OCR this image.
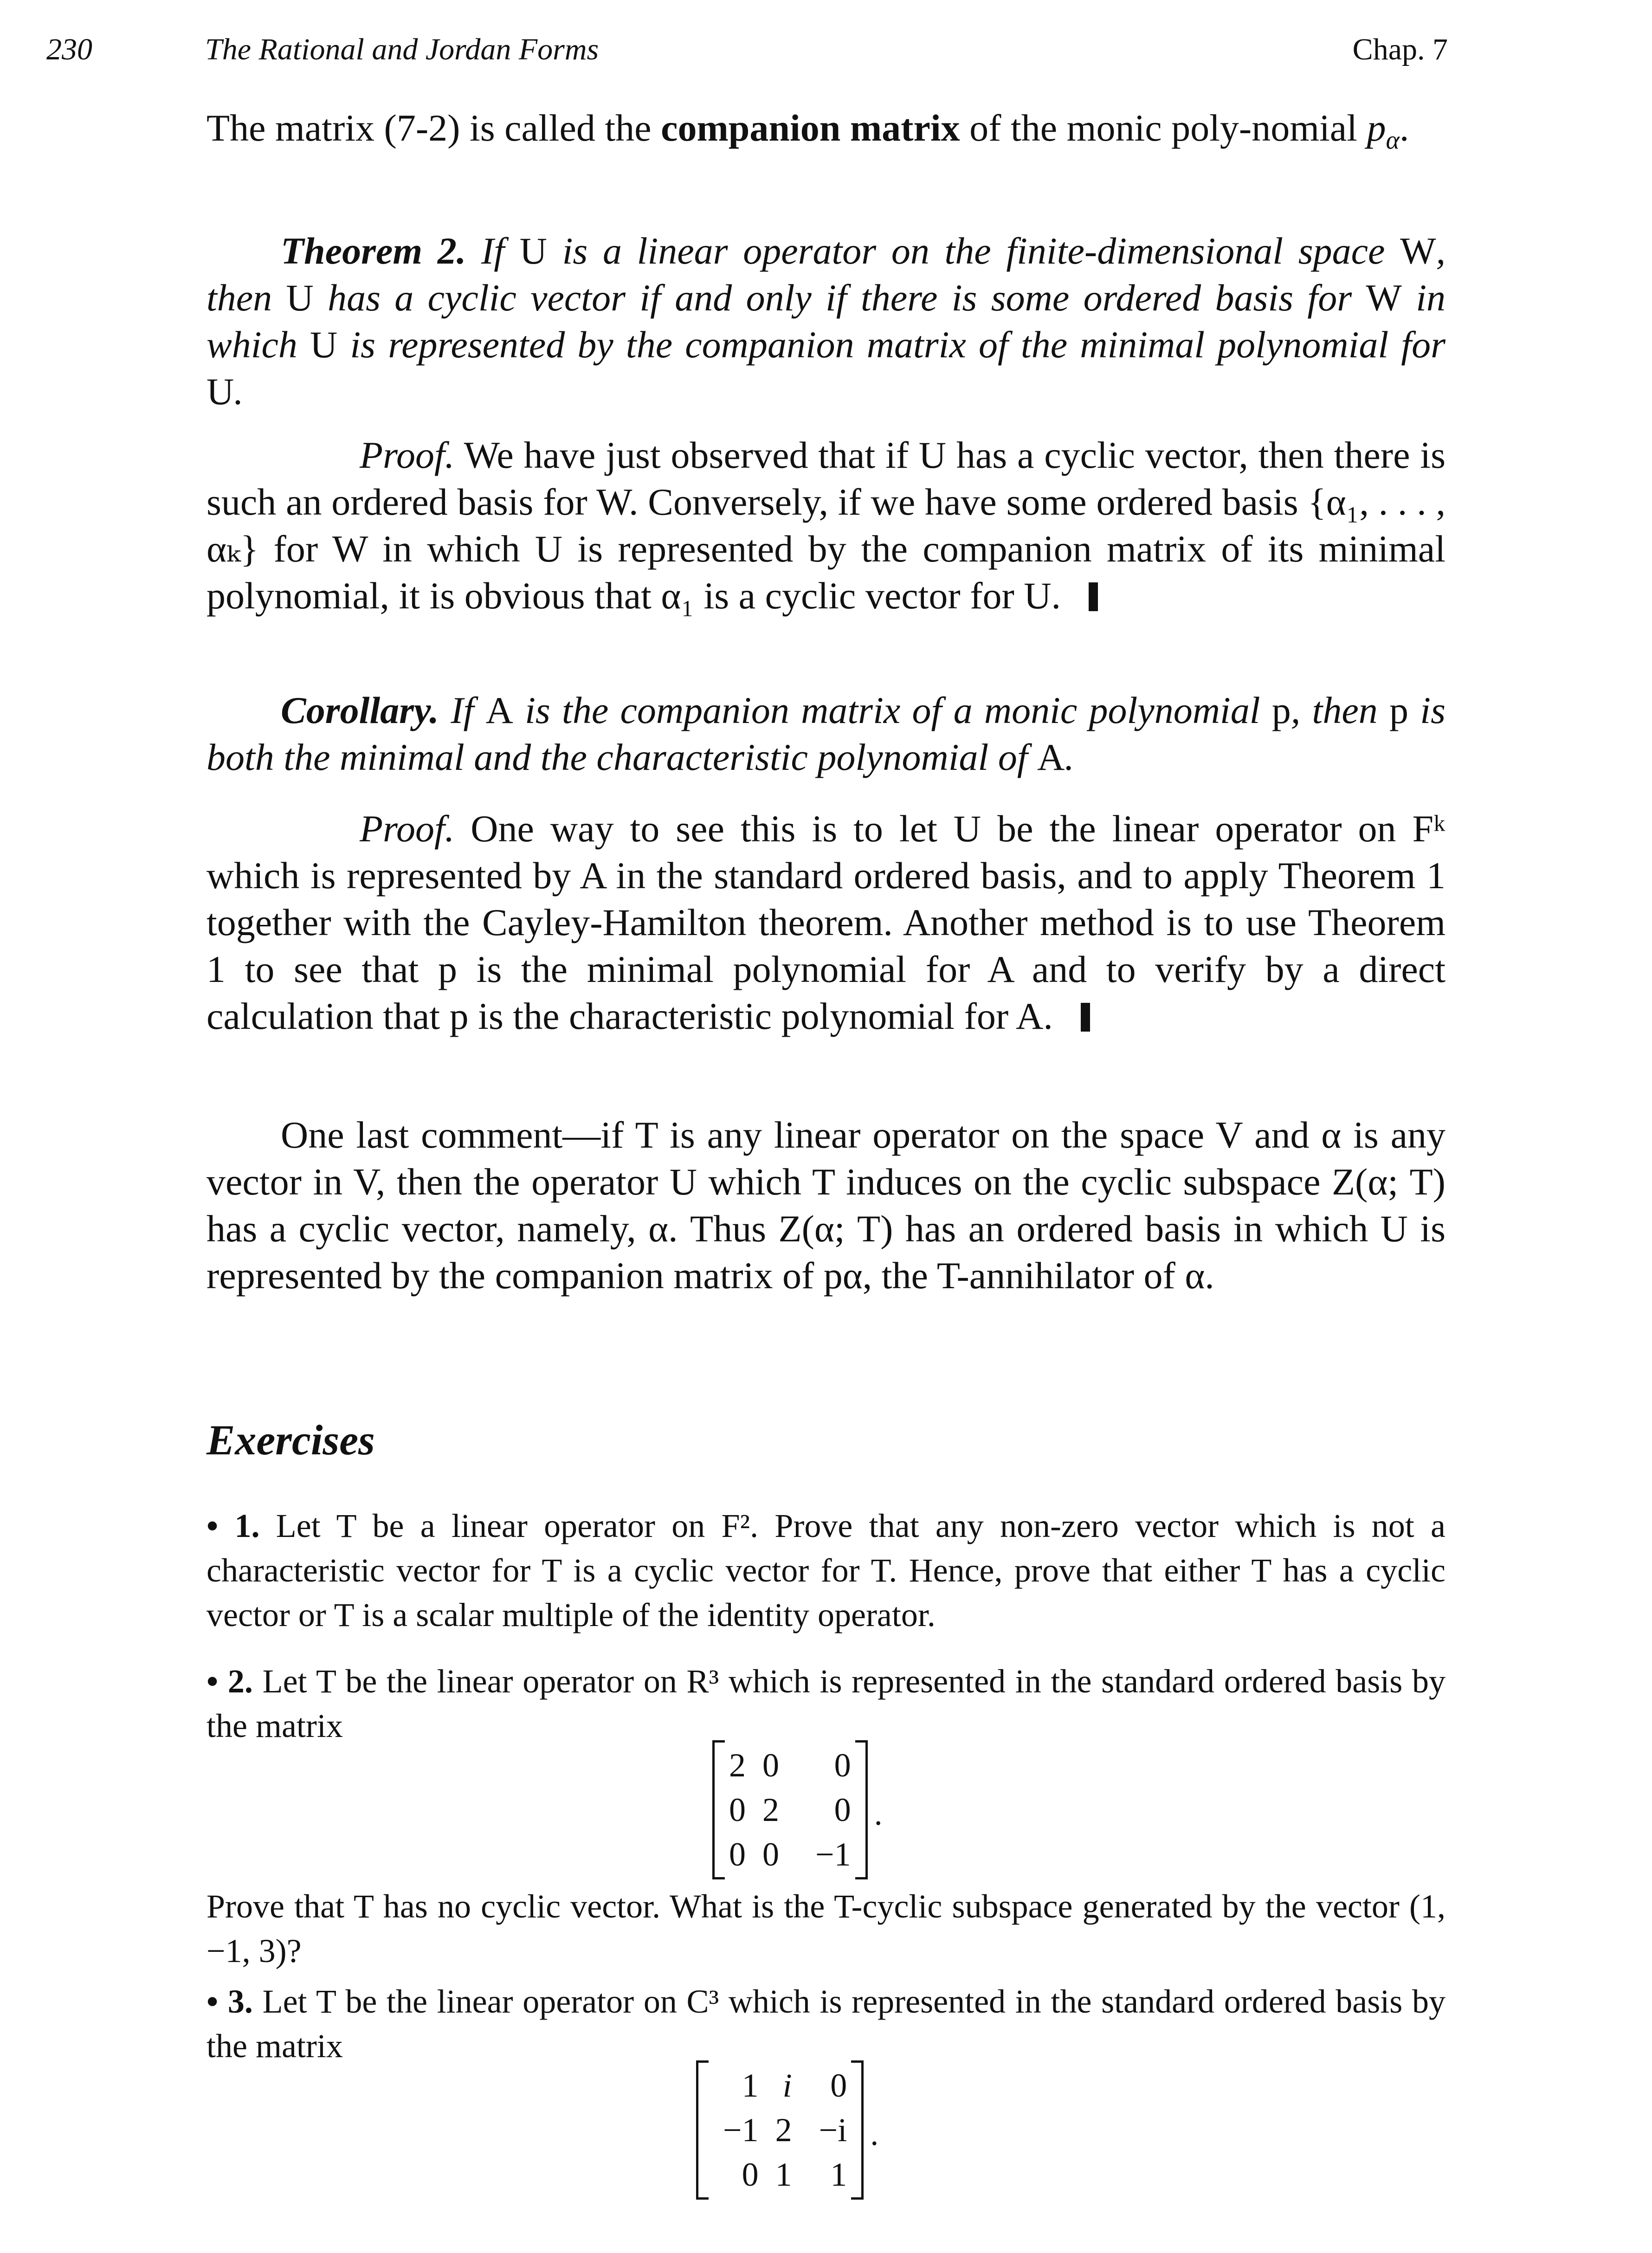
230	The Rational and Jordan Forms	Chap. 7

The matrix (7-2) is called the companion matrix of the monic poly-nomial $p_\alpha$.

Theorem 2. If U is a linear operator on the finite-dimensional space W, then U has a cyclic vector if and only if there is some ordered basis for W in which U is represented by the companion matrix of the minimal polynomial for U.

Proof. We have just observed that if U has a cyclic vector, then there is such an ordered basis for W. Conversely, if we have some ordered basis {α₁, . . . , αₖ} for W in which U is represented by the companion matrix of its minimal polynomial, it is obvious that α₁ is a cyclic vector for U.

Corollary. If A is the companion matrix of a monic polynomial p, then p is both the minimal and the characteristic polynomial of A.

Proof. One way to see this is to let U be the linear operator on Fᵏ which is represented by A in the standard ordered basis, and to apply Theorem 1 together with the Cayley-Hamilton theorem. Another method is to use Theorem 1 to see that p is the minimal polynomial for A and to verify by a direct calculation that p is the characteristic polynomial for A.

One last comment—if T is any linear operator on the space V and α is any vector in V, then the operator U which T induces on the cyclic subspace Z(α; T) has a cyclic vector, namely, α. Thus Z(α; T) has an ordered basis in which U is represented by the companion matrix of pα, the T-annihilator of α.

Exercises

• 1. Let T be a linear operator on F². Prove that any non-zero vector which is not a characteristic vector for T is a cyclic vector for T. Hence, prove that either T has a cyclic vector or T is a scalar multiple of the identity operator.

• 2. Let T be the linear operator on R³ which is represented in the standard ordered basis by the matrix

2	0	0
0	2	0
0	0	−1
.

Prove that T has no cyclic vector. What is the T-cyclic subspace generated by the vector (1, −1, 3)?

• 3. Let T be the linear operator on C³ which is represented in the standard ordered basis by the matrix

1	i	0
−1	2	−i
0	1	1
.
